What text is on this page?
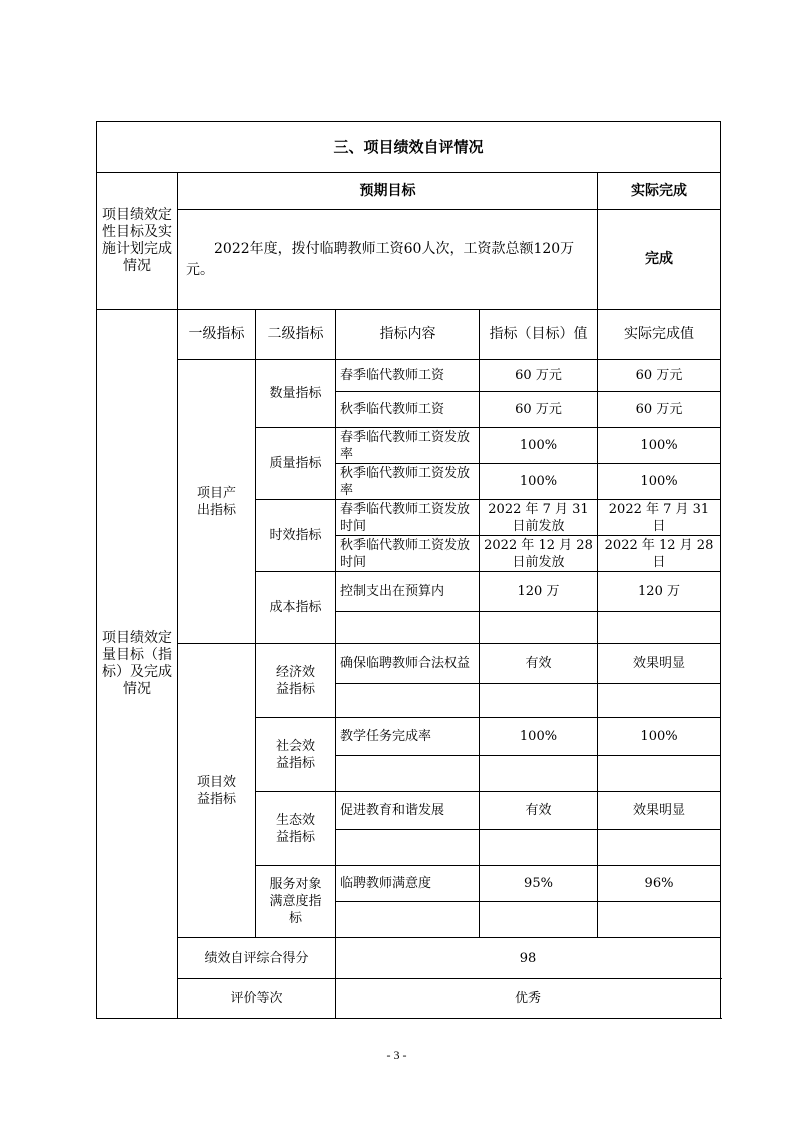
三、项目绩效自评情况					
项目绩效定性目标及实施计划完成情况	预期目标				实际完成
	2022年度，拨付临聘教师工资60人次，工资款总额120万元。				完成
项目绩效定量目标（指标）及完成情况	一级指标	二级指标	指标内容	指标（目标）值	实际完成值
	项目产出指标	数量指标	春季临代教师工资	60 万元	60 万元
			秋季临代教师工资	60 万元	60 万元
		质量指标	春季临代教师工资发放率	100%	100%
			秋季临代教师工资发放率	100%	100%
		时效指标	春季临代教师工资发放时间	2022 年 7 月 31 日前发放	2022 年 7 月 31 日
			秋季临代教师工资发放时间	2022 年 12 月 28 日前发放	2022 年 12 月 28 日
		成本指标	控制支出在预算内	120 万	120 万

	项目效益指标	经济效益指标	确保临聘教师合法权益	有效	效果明显

		社会效益指标	教学任务完成率	100%	100%

		生态效益指标	促进教育和谐发展	有效	效果明显

		服务对象满意度指标	临聘教师满意度	95%	96%

	绩效自评综合得分		98		
	评价等次		优秀		
- 3 -
